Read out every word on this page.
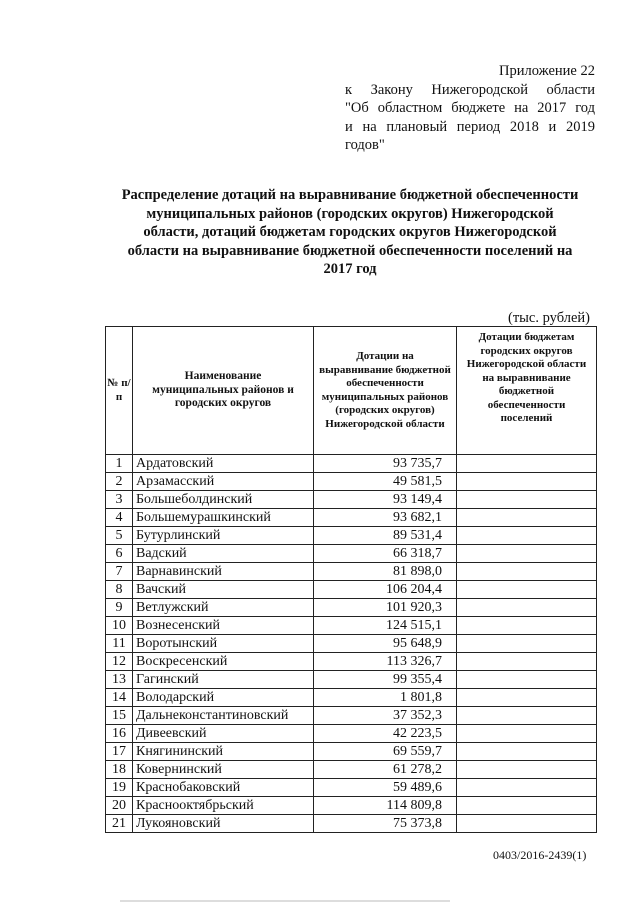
Приложение 22
к Закону Нижегородской области
"Об областном бюджете на 2017 год
и на плановый период 2018 и 2019
годов"
Распределение дотаций на выравнивание бюджетной обеспеченности
муниципальных районов (городских округов) Нижегородской
области, дотаций бюджетам городских округов Нижегородской
области на выравнивание бюджетной обеспеченности поселений на
2017 год
(тыс. рублей)
№ п/п	Наименование муниципальных районов и городских округов	Дотации на выравнивание бюджетной обеспеченности муниципальных районов (городских округов) Нижегородской области	Дотации бюджетам городских округов Нижегородской области на выравнивание бюджетной обеспеченности поселений
1	Ардатовский	93 735,7	
2	Арзамасский	49 581,5	
3	Большеболдинский	93 149,4	
4	Большемурашкинский	93 682,1	
5	Бутурлинский	89 531,4	
6	Вадский	66 318,7	
7	Варнавинский	81 898,0	
8	Вачский	106 204,4	
9	Ветлужский	101 920,3	
10	Вознесенский	124 515,1	
11	Воротынский	95 648,9	
12	Воскресенский	113 326,7	
13	Гагинский	99 355,4	
14	Володарский	1 801,8	
15	Дальнеконстантиновский	37 352,3	
16	Дивеевский	42 223,5	
17	Княгининский	69 559,7	
18	Ковернинский	61 278,2	
19	Краснобаковский	59 489,6	
20	Краснооктябрьский	114 809,8	
21	Лукояновский	75 373,8	
0403/2016-2439(1)
